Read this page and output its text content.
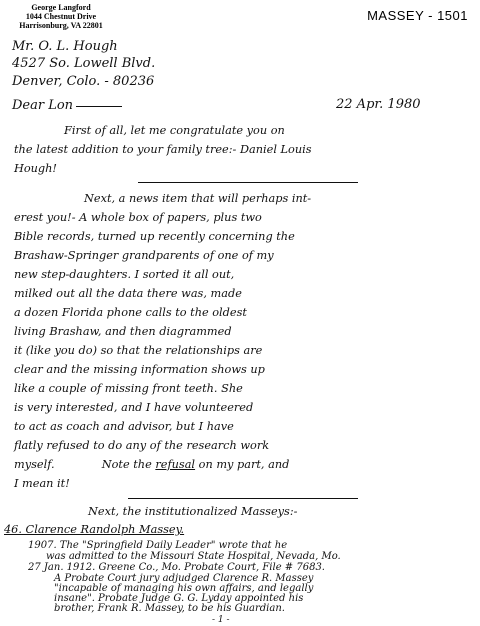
George Langford
1044 Chestnut Drive
Harrisonburg, VA 22801
MASSEY - 1501
Mr. O. L. Hough
4527 So. Lowell Blvd.
Denver, Colo. - 80236
Dear Lon	22 Apr. 1980
First of all, let me congratulate you on
the latest addition to your family tree:- Daniel Louis
Hough!
Next, a news item that will perhaps int-
erest you!- A whole box of papers, plus two
Bible records, turned up recently concerning the
Brashaw-Springer grandparents of one of my
new step-daughters. I sorted it all out,
milked out all the data there was, made
a dozen Florida phone calls to the oldest
living Brashaw, and then diagrammed
it (like you do) so that the relationships are
clear and the missing information shows up
like a couple of missing front teeth. She
is very interested, and I have volunteered
to act as coach and advisor, but I have
flatly refused to do any of the research work
myself.	Note the refusal on my part, and
I mean it!
Next, the institutionalized Masseys:-
46. Clarence Randolph Massey.
1907. The "Springfield Daily Leader" wrote that he
was admitted to the Missouri State Hospital, Nevada, Mo.
27 Jan. 1912. Greene Co., Mo. Probate Court, File # 7683.
A Probate Court jury adjudged Clarence R. Massey
"incapable of managing his own affairs, and legally
insane". Probate Judge G. G. Lyday appointed his
brother, Frank R. Massey, to be his Guardian.
- 1 -
